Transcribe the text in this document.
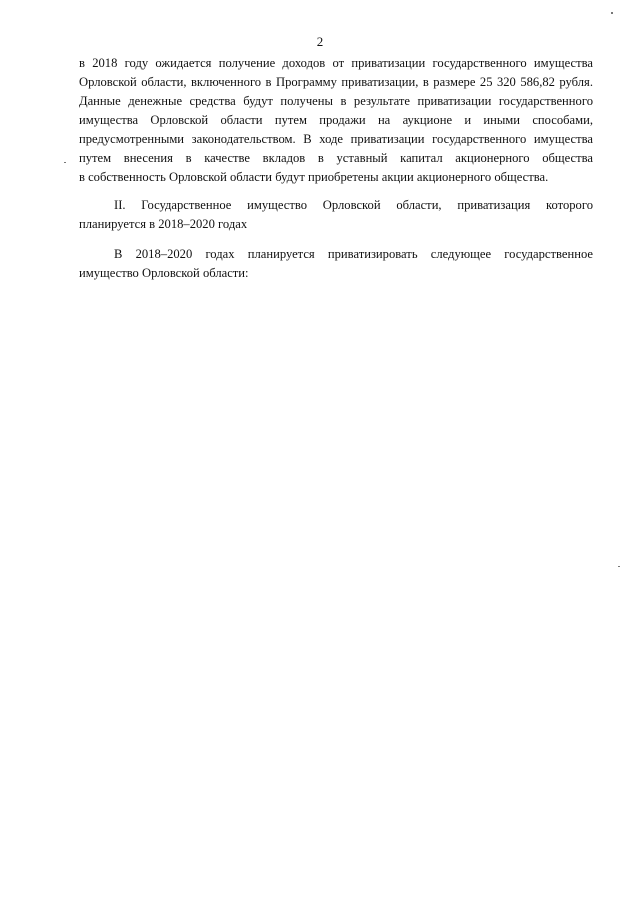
2
в 2018 году ожидается получение доходов от приватизации государственного имущества
Орловской области, включенного в Программу приватизации, в размере 25 320 586,82 рубля.
Данные денежные средства будут получены в результате приватизации государственного
имущества Орловской области путем продажи на аукционе и иными способами,
предусмотренными законодательством. В ходе приватизации государственного имущества
путем внесения в качестве вкладов в уставный капитал акционерного общества
в собственность Орловской области будут приобретены акции акционерного общества.
II. Государственное имущество Орловской области, приватизация которого
планируется в 2018–2020 годах
В 2018–2020 годах планируется приватизировать следующее государственное
имущество Орловской области:
